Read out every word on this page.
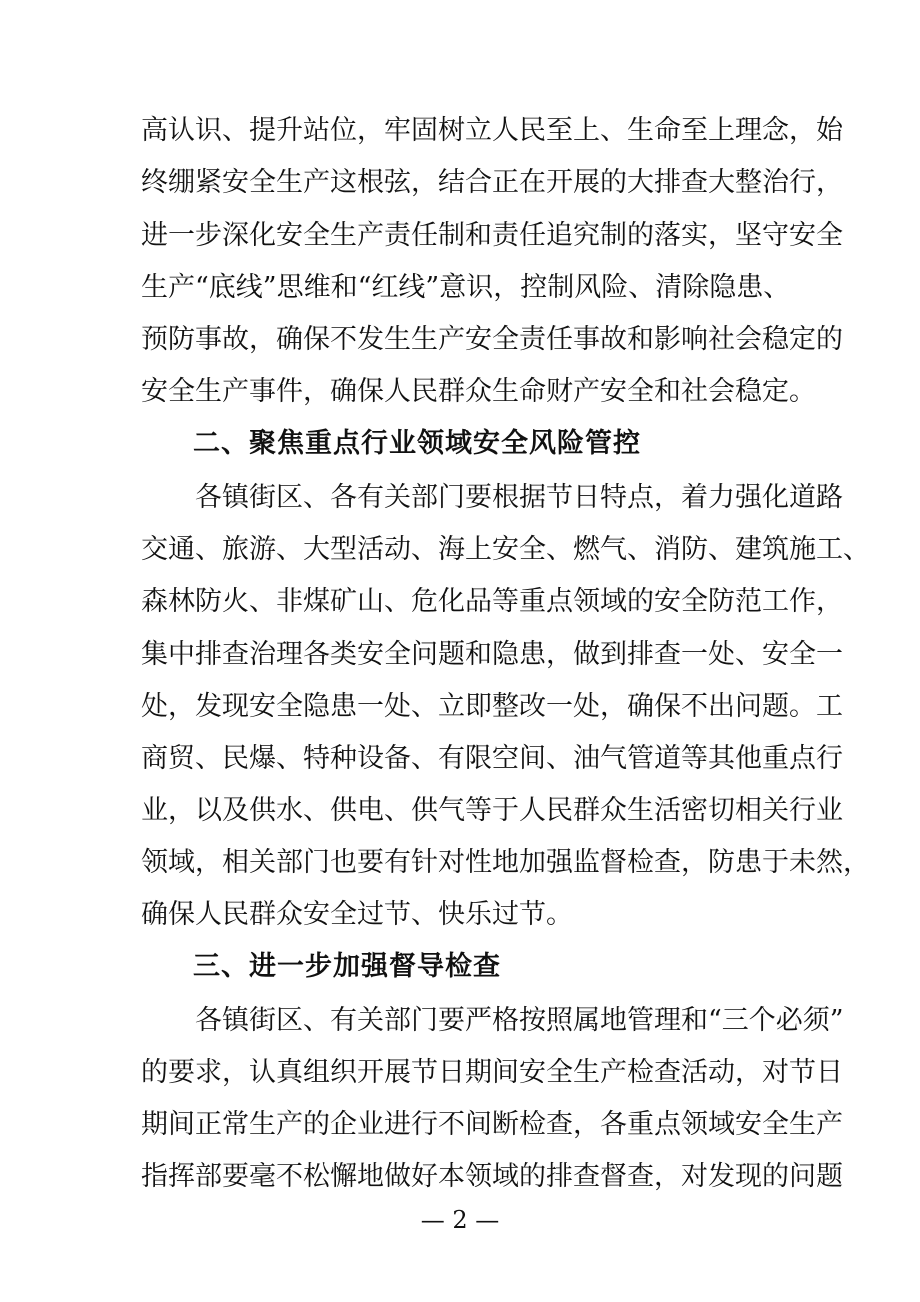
高认识、提升站位，牢固树立人民至上、生命至上理念，始
终绷紧安全生产这根弦，结合正在开展的大排查大整治行，
进一步深化安全生产责任制和责任追究制的落实，坚守安全
生产“底线”思维和“红线”意识，控制风险、清除隐患、
预防事故，确保不发生生产安全责任事故和影响社会稳定的
安全生产事件，确保人民群众生命财产安全和社会稳定。
二、聚焦重点行业领域安全风险管控
各镇街区、各有关部门要根据节日特点，着力强化道路
交通、旅游、大型活动、海上安全、燃气、消防、建筑施工、
森林防火、非煤矿山、危化品等重点领域的安全防范工作，
集中排查治理各类安全问题和隐患，做到排查一处、安全一
处，发现安全隐患一处、立即整改一处，确保不出问题。工
商贸、民爆、特种设备、有限空间、油气管道等其他重点行
业，以及供水、供电、供气等于人民群众生活密切相关行业
领域，相关部门也要有针对性地加强监督检查，防患于未然，
确保人民群众安全过节、快乐过节。
三、进一步加强督导检查
各镇街区、有关部门要严格按照属地管理和“三个必须”
的要求，认真组织开展节日期间安全生产检查活动，对节日
期间正常生产的企业进行不间断检查，各重点领域安全生产
指挥部要毫不松懈地做好本领域的排查督查，对发现的问题
— 2 —
